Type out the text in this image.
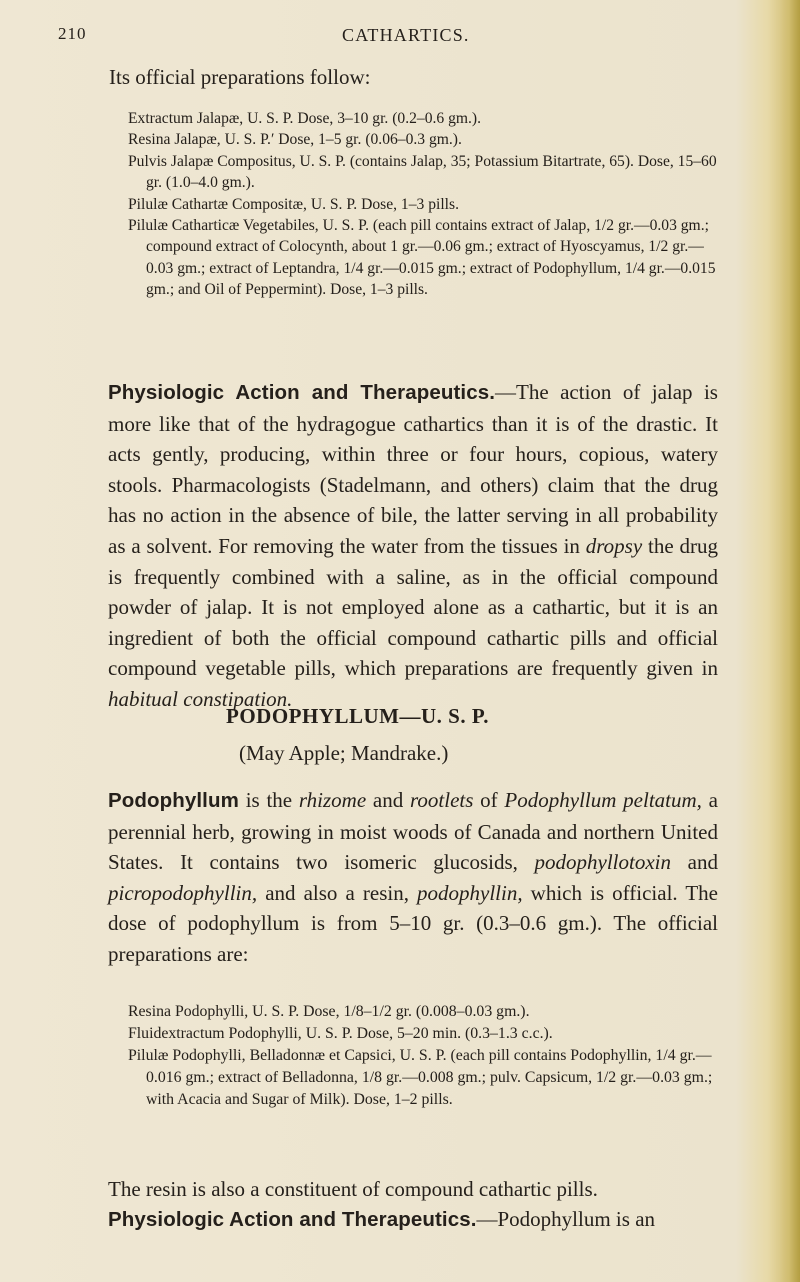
210	CATHARTICS.

Its official preparations follow:

Extractum Jalapæ, U. S. P. Dose, 3–10 gr. (0.2–0.6 gm.).

Resina Jalapæ, U. S. P.′ Dose, 1–5 gr. (0.06–0.3 gm.).

Pulvis Jalapæ Compositus, U. S. P. (contains Jalap, 35; Potassium Bitartrate, 65). Dose, 15–60 gr. (1.0–4.0 gm.).

Pilulæ Cathartæ Compositæ, U. S. P. Dose, 1–3 pills.

Pilulæ Catharticæ Vegetabiles, U. S. P. (each pill contains extract of Jalap, 1/2 gr.—0.03 gm.; compound extract of Colocynth, about 1 gr.—0.06 gm.; extract of Hyoscyamus, 1/2 gr.—0.03 gm.; extract of Leptandra, 1/4 gr.—0.015 gm.; extract of Podophyllum, 1/4 gr.—0.015 gm.; and Oil of Peppermint). Dose, 1–3 pills.

Physiologic Action and Therapeutics.—The action of jalap is more like that of the hydragogue cathartics than it is of the drastic. It acts gently, producing, within three or four hours, copious, watery stools. Pharmacologists (Stadelmann, and others) claim that the drug has no action in the absence of bile, the latter serving in all probability as a solvent. For removing the water from the tissues in dropsy the drug is frequently combined with a saline, as in the official compound powder of jalap. It is not employed alone as a cathartic, but it is an ingredient of both the official compound cathartic pills and official compound vegetable pills, which preparations are frequently given in habitual constipation.

PODOPHYLLUM—U. S. P.
(May Apple; Mandrake.)

Podophyllum is the rhizome and rootlets of Podophyllum peltatum, a perennial herb, growing in moist woods of Canada and northern United States. It contains two isomeric glucosids, podophyllotoxin and picropodophyllin, and also a resin, podophyllin, which is official. The dose of podophyllum is from 5–10 gr. (0.3–0.6 gm.). The official preparations are:

Resina Podophylli, U. S. P. Dose, 1/8–1/2 gr. (0.008–0.03 gm.).

Fluidextractum Podophylli, U. S. P. Dose, 5–20 min. (0.3–1.3 c.c.).

Pilulæ Podophylli, Belladonnæ et Capsici, U. S. P. (each pill contains Podophyllin, 1/4 gr.—0.016 gm.; extract of Belladonna, 1/8 gr.—0.008 gm.; pulv. Capsicum, 1/2 gr.—0.03 gm.; with Acacia and Sugar of Milk). Dose, 1–2 pills.

The resin is also a constituent of compound cathartic pills.
Physiologic Action and Therapeutics.—Podophyllum is an
